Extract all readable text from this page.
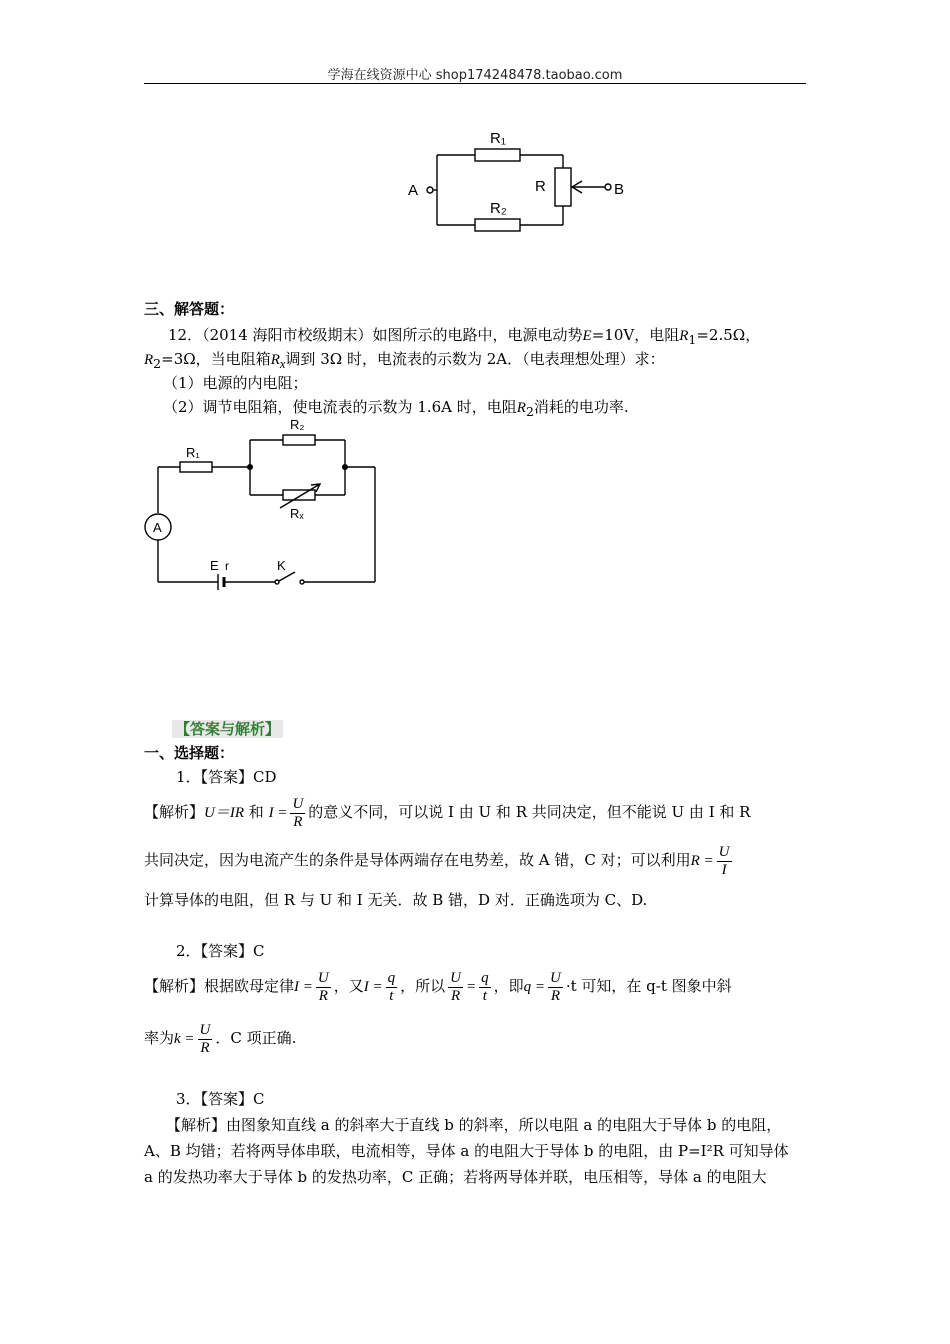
学海在线资源中心 shop174248478.taobao.com
R₁
R₂
R
A	B
三、解答题：
12．（2014 海阳市校级期末）如图所示的电路中，电源电动势E=10V，电阻$R_1=2.5\Omega$，
$R_2=3\Omega$，当电阻箱$R_x$调到 3Ω 时，电流表的示数为 2A．（电表理想处理）求：
（1）电源的内电阻；
（2）调节电阻箱，使电流表的示数为 1.6A 时，电阻$R_2$消耗的电功率.
R₁
R₂
Rₓ
A
E r	K
【答案与解析】
一、选择题：
1．【答案】CD
【解析】U＝IR 和 $I = \frac{U}{R}$ 的意义不同，可以说 I 由 U 和 R 共同决定，但不能说 U 由 I 和 R
共同决定，因为电流产生的条件是导体两端存在电势差，故 A 错，C 对；可以利用$R = \frac{U}{I}$
计算导体的电阻，但 R 与 U 和 I 无关．故 B 错，D 对．正确选项为 C、D.
2．【答案】C
【解析】根据欧母定律$I = \frac{U}{R}$ ，又$I = \frac{q}{t}$ ，所以 $\frac{U}{R} = \frac{q}{t}$ ，即$q = \frac{U}{R} \cdot t$ 可知，在 q-t 图象中斜
率为$k = \frac{U}{R}$ ．C 项正确.
3．【答案】C
【解析】由图象知直线 a 的斜率大于直线 b 的斜率，所以电阻 a 的电阻大于导体 b 的电阻，
A、B 均错；若将两导体串联，电流相等，导体 a 的电阻大于导体 b 的电阻，由 P=I²R 可知导体
a 的发热功率大于导体 b 的发热功率，C 正确；若将两导体并联，电压相等，导体 a 的电阻大
